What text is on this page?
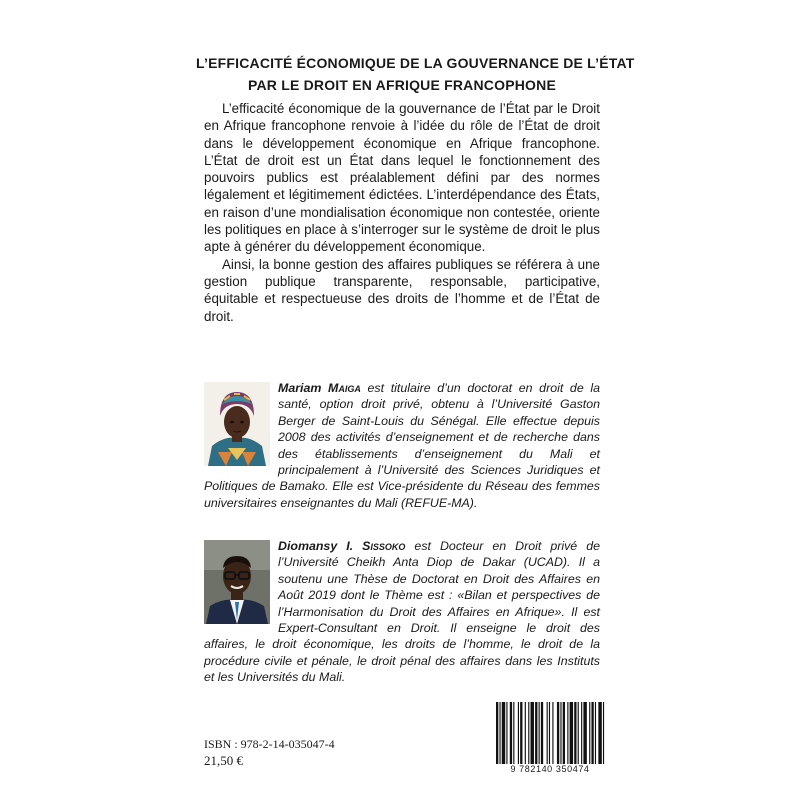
L’EFFICACITÉ ÉCONOMIQUE DE LA GOUVERNANCE DE L’ÉTAT
PAR LE DROIT EN AFRIQUE FRANCOPHONE

L’efficacité économique de la gouvernance de l’État par le Droit en Afrique francophone renvoie à l’idée du rôle de l’État de droit dans le développement économique en Afrique francophone. L’État de droit est un État dans lequel le fonctionnement des pouvoirs publics est préalablement défini par des normes légalement et légitimement édictées. L’interdépendance des États, en raison d’une mondialisation économique non contestée, oriente les politiques en place à s’interroger sur le système de droit le plus apte à générer du développement économique.

Ainsi, la bonne gestion des affaires publiques se référera à une gestion publique transparente, responsable, participative, équitable et respectueuse des droits de l’homme et de l’État de droit.

Mariam Maiga est titulaire d’un doctorat en droit de la santé, option droit privé, obtenu à l’Université Gaston Berger de Saint-Louis du Sénégal. Elle effectue depuis 2008 des activités d’enseignement et de recherche dans des établissements d’enseignement du Mali et principalement à l’Université des Sciences Juridiques et Politiques de Bamako. Elle est Vice-présidente du Réseau des femmes universitaires enseignantes du Mali (REFUE-MA).
Diomansy I. Sissoko est Docteur en Droit privé de l’Université Cheikh Anta Diop de Dakar (UCAD). Il a soutenu une Thèse de Doctorat en Droit des Affaires en Août 2019 dont le Thème est : «Bilan et perspectives de l’Harmonisation du Droit des Affaires en Afrique». Il est Expert-Consultant en Droit. Il enseigne le droit des affaires, le droit économique, les droits de l’homme, le droit de la procédure civile et pénale, le droit pénal des affaires dans les Instituts et les Universités du Mali.
ISBN : 978-2-14-035047-4
21,50 €
9 782140 350474
